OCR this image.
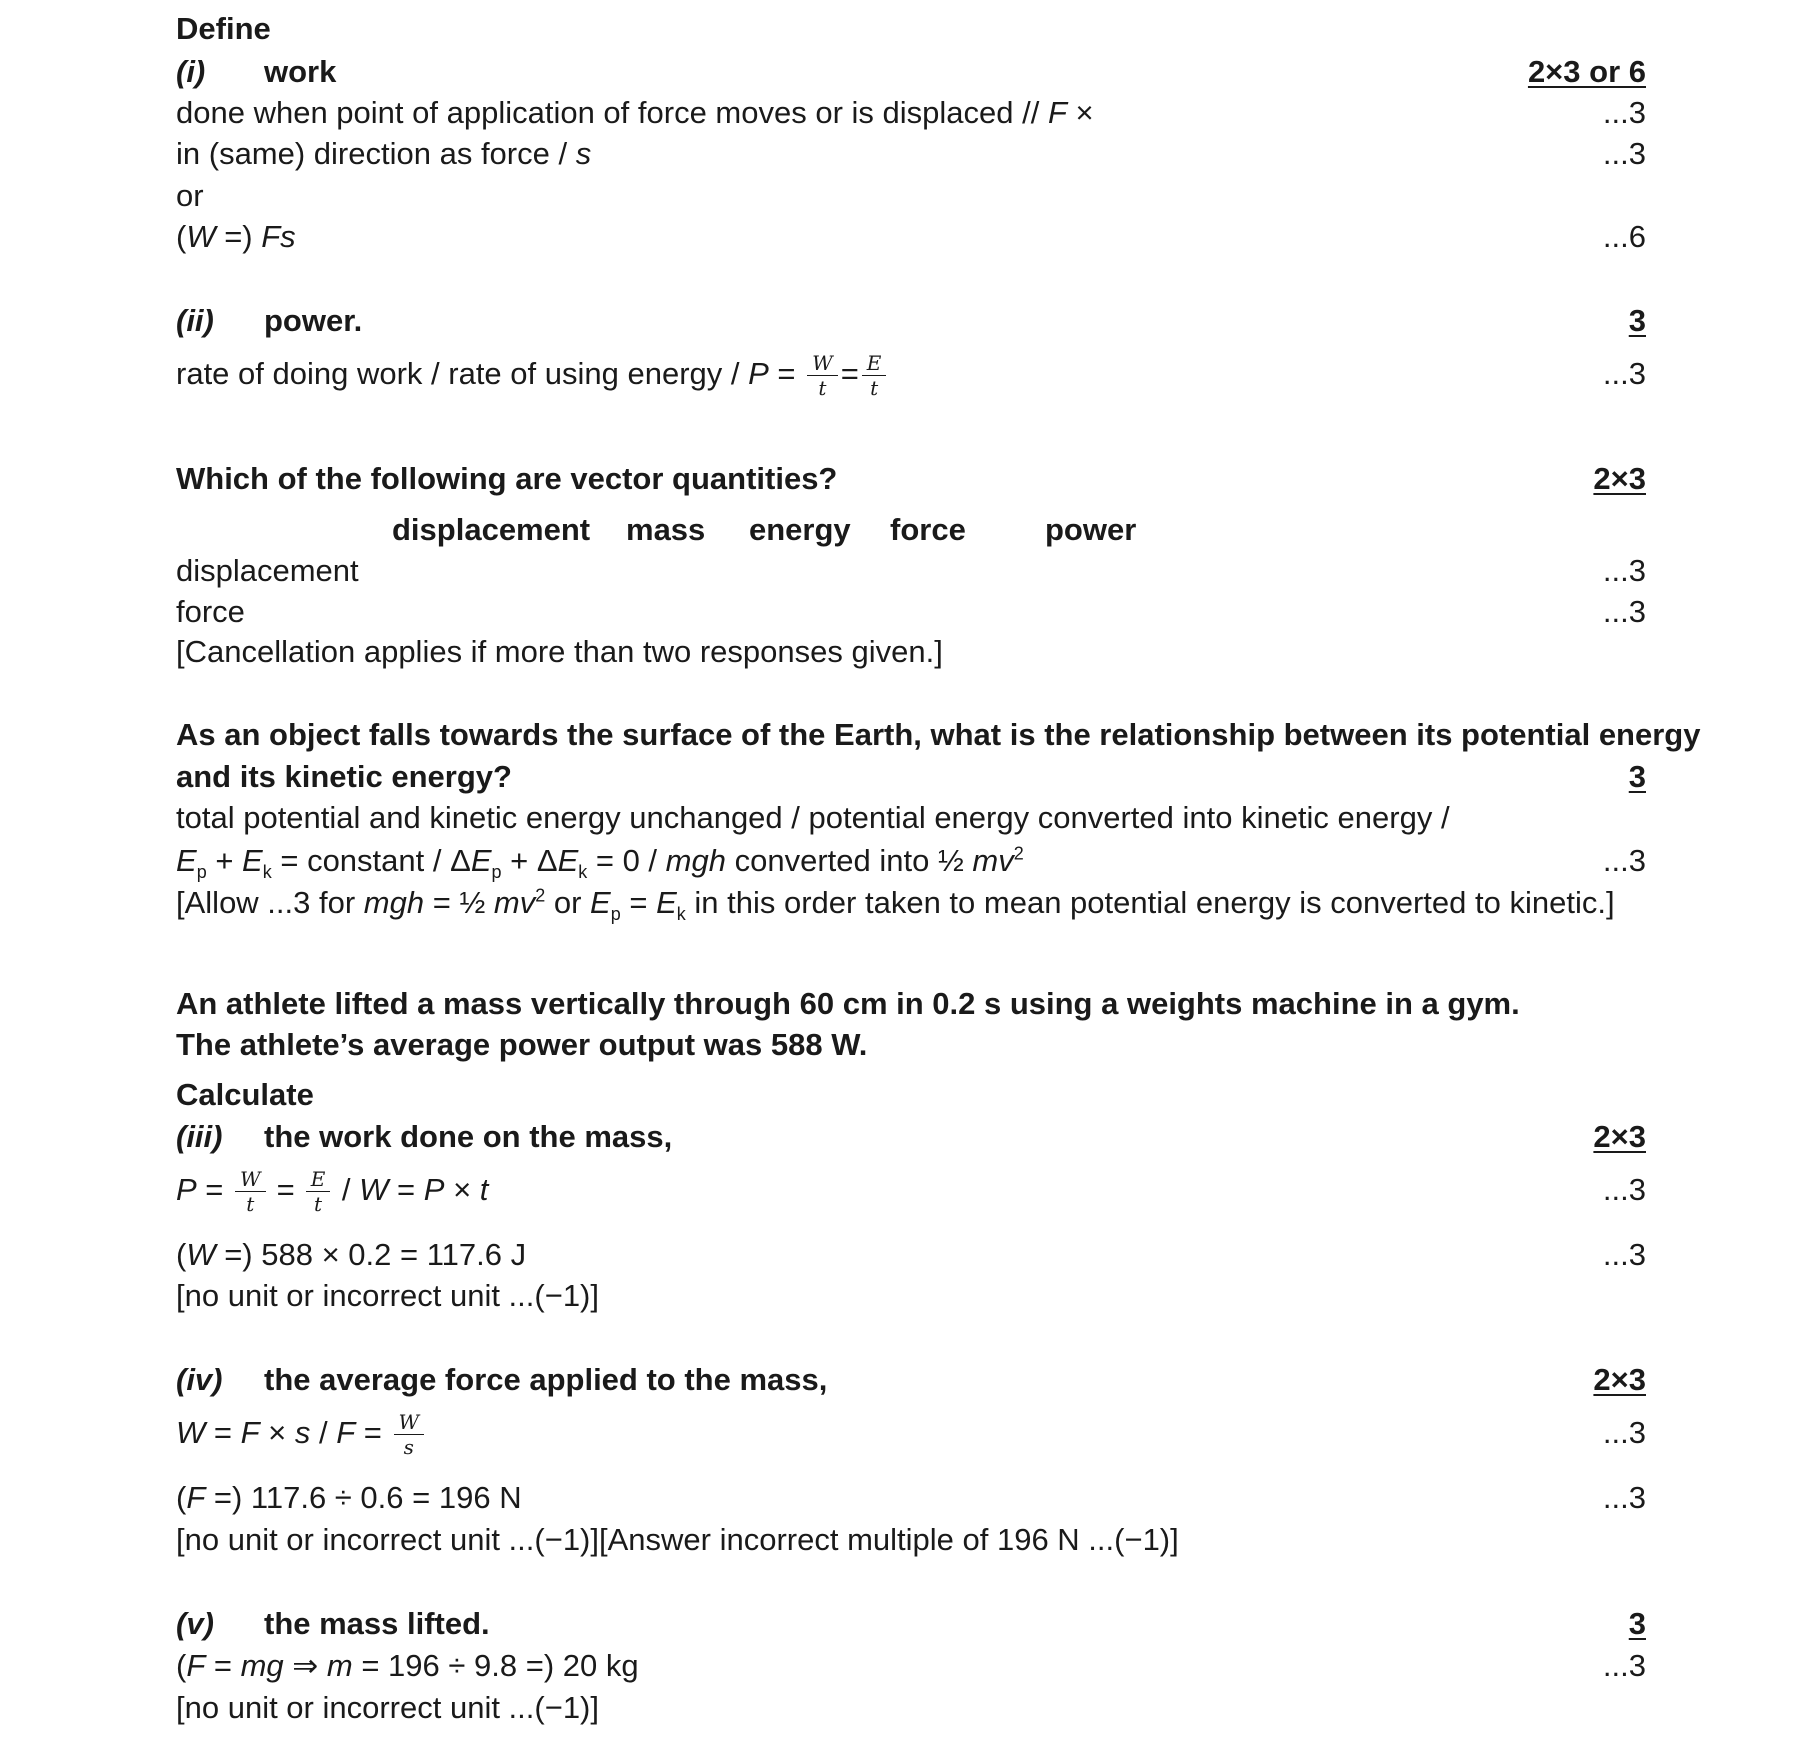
Define
(i) work	2×3 or 6
done when point of application of force moves or is displaced // F ×	...3
in (same) direction as force / s	...3
or
(W =) Fs	...6
(ii) power.	3
rate of doing work / rate of using energy / $P = \frac{W}{t} = \frac{E}{t}$	...3
Which of the following are vector quantities?	2×3
displacement mass energy force	power
displacement	...3
force	...3
[Cancellation applies if more than two responses given.]
As an object falls towards the surface of the Earth, what is the relationship between its potential energy
and its kinetic energy?	3
total potential and kinetic energy unchanged / potential energy converted into kinetic energy /
$E_p + E_k$ = constant / $\Delta E_p + \Delta E_k = 0$ / mgh converted into ½ $mv^2$	...3
[Allow ...3 for mgh = ½ $mv^2$ or $E_p = E_k$ in this order taken to mean potential energy is converted to kinetic.]
An athlete lifted a mass vertically through 60 cm in 0.2 s using a weights machine in a gym.
The athlete’s average power output was 588 W.
Calculate
(iii) the work done on the mass,	2×3
$P = \frac{W}{t} = \frac{E}{t} / W = P \times t$	...3
(W =) 588 × 0.2 = 117.6 J	...3
[no unit or incorrect unit ...(−1)]
(iv) the average force applied to the mass,	2×3
$W = F \times s / F = \frac{W}{s}$	...3
(F =) 117.6 ÷ 0.6 = 196 N	...3
[no unit or incorrect unit ...(−1)][Answer incorrect multiple of 196 N ...(−1)]
(v) the mass lifted.	3
(F = mg ⇒ m = 196 ÷ 9.8 =) 20 kg	...3
[no unit or incorrect unit ...(−1)]
